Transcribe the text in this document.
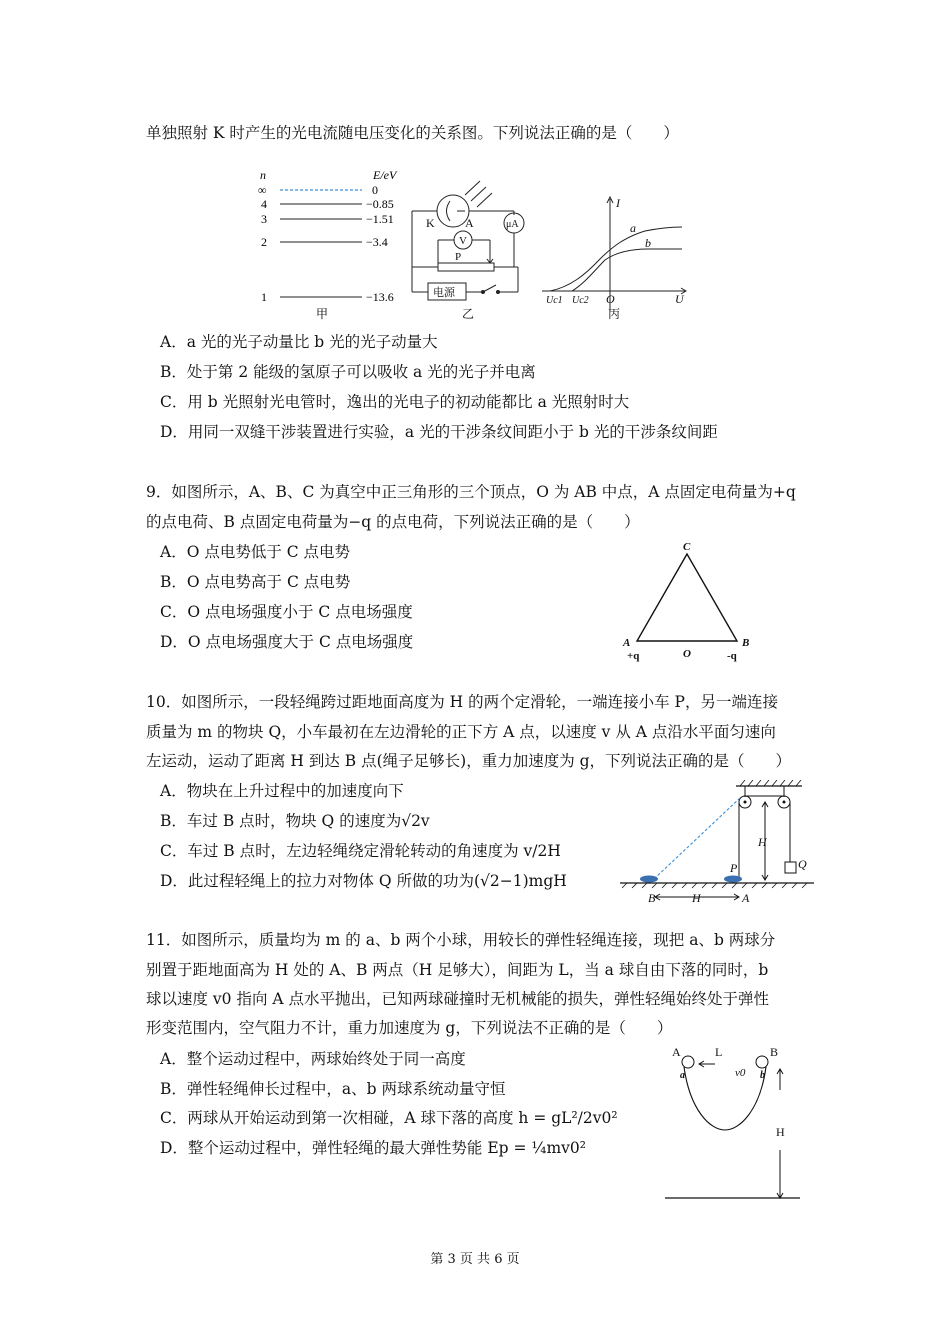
单独照射 K 时产生的光电流随电压变化的关系图。下列说法正确的是（　　）
n	E/eV
∞	0
4	−0.85
3	−1.51
2	−3.4
1	−13.6
甲
K	A
V
μA
P
电源
乙
I
a
b
Uc1 Uc2 O	U
丙
A．a 光的光子动量比 b 光的光子动量大
B．处于第 2 能级的氢原子可以吸收 a 光的光子并电离
C．用 b 光照射光电管时，逸出的光电子的初动能都比 a 光照射时大
D．用同一双缝干涉装置进行实验，a 光的干涉条纹间距小于 b 光的干涉条纹间距
9．如图所示，A、B、C 为真空中正三角形的三个顶点，O 为 AB 中点，A 点固定电荷量为+q
的点电荷、B 点固定电荷量为−q 的点电荷，下列说法正确的是（　　）
A．O 点电势低于 C 点电势
B．O 点电势高于 C 点电势
C．O 点电场强度小于 C 点电场强度
D．O 点电场强度大于 C 点电场强度
C
A	B
O
+q	-q
10．如图所示，一段轻绳跨过距地面高度为 H 的两个定滑轮，一端连接小车 P，另一端连接
质量为 m 的物块 Q，小车最初在左边滑轮的正下方 A 点，以速度 v 从 A 点沿水平面匀速向
左运动，运动了距离 H 到达 B 点(绳子足够长)，重力加速度为 g，下列说法正确的是（　　）
A．物块在上升过程中的加速度向下
B．车过 B 点时，物块 Q 的速度为√2v
C．车过 B 点时，左边轻绳绕定滑轮转动的角速度为 v/2H
D．此过程轻绳上的拉力对物体 Q 所做的功为(√2−1)mgH
H
P	Q
B	H	A
11．如图所示，质量均为 m 的 a、b 两个小球，用较长的弹性轻绳连接，现把 a、b 两球分
别置于距地面高为 H 处的 A、B 两点（H 足够大），间距为 L，当 a 球自由下落的同时，b
球以速度 v0 指向 A 点水平抛出，已知两球碰撞时无机械能的损失，弹性轻绳始终处于弹性
形变范围内，空气阻力不计，重力加速度为 g，下列说法不正确的是（　　）
A．整个运动过程中，两球始终处于同一高度
B．弹性轻绳伸长过程中，a、b 两球系统动量守恒
C．两球从开始运动到第一次相碰，A 球下落的高度 h = gL²/2v0²
D．整个运动过程中，弹性轻绳的最大弹性势能 Ep = ¼mv0²
A	L	B
a	b
v0
H
第 3 页 共 6 页
